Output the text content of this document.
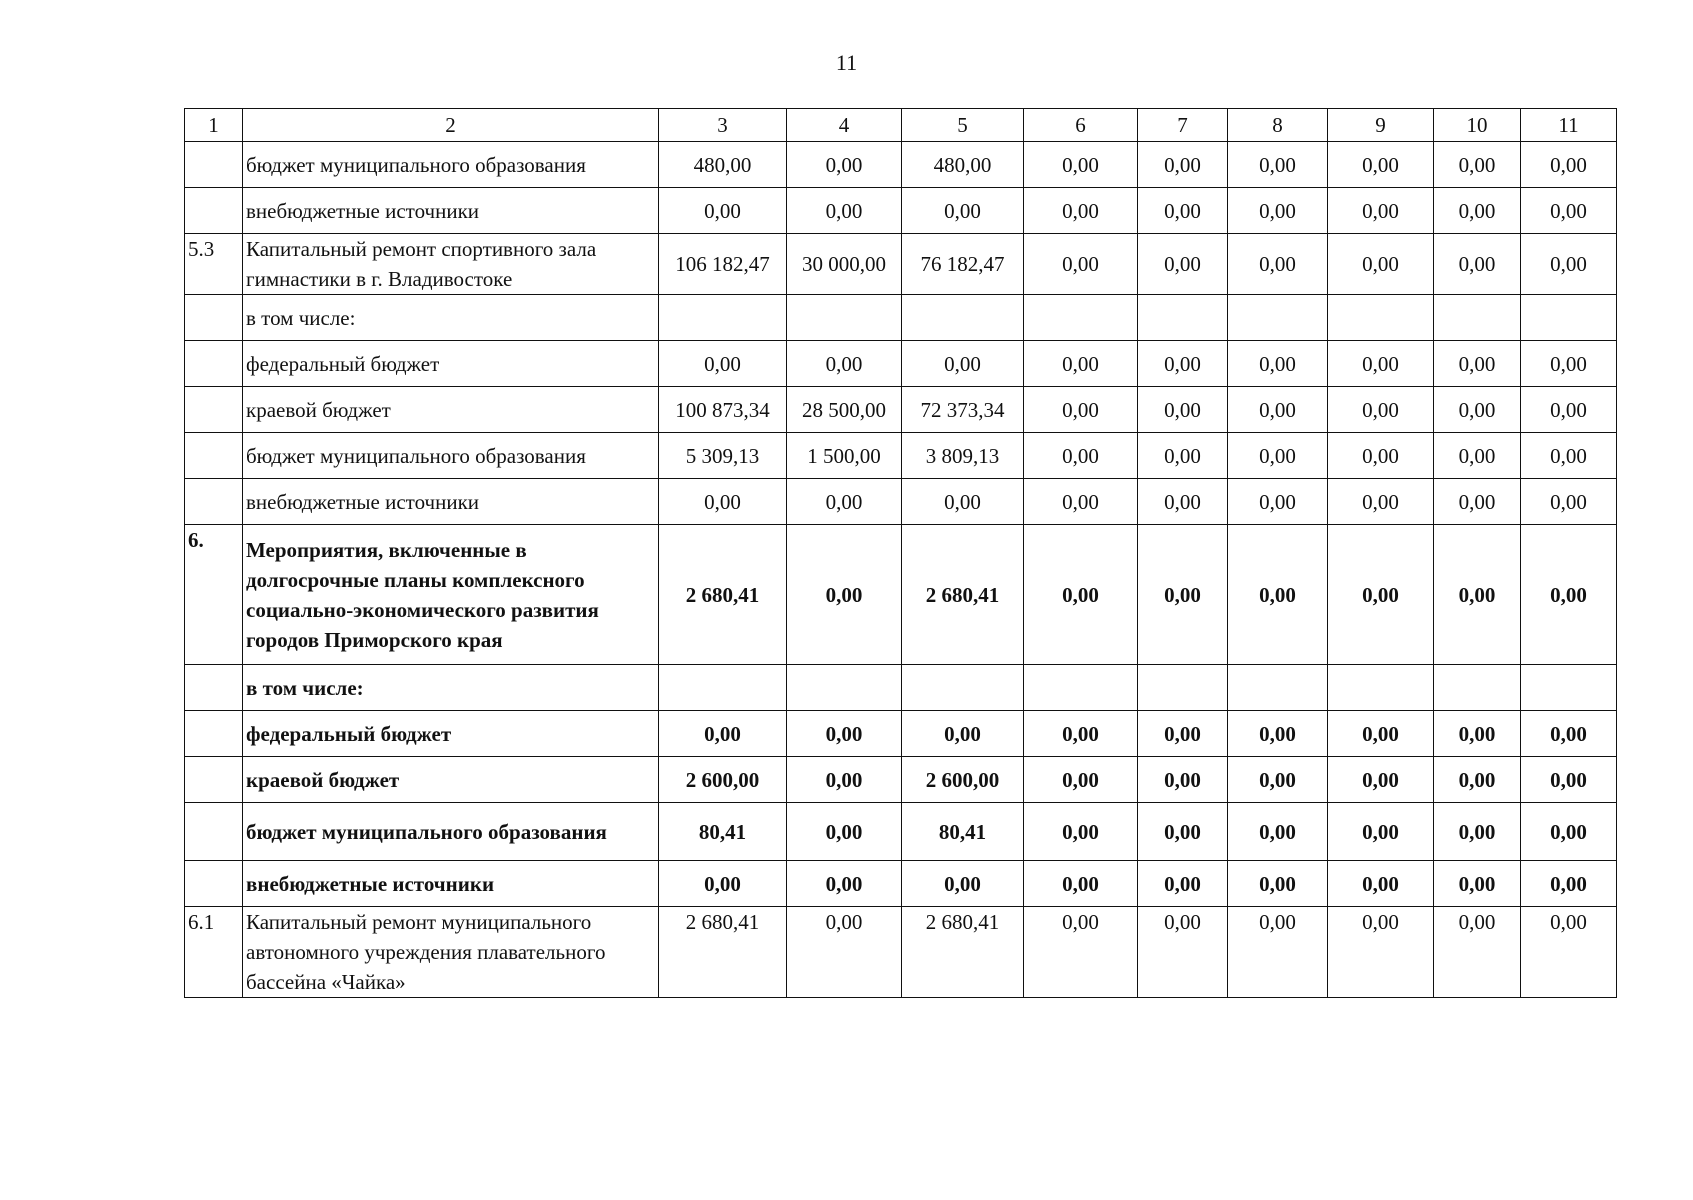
11
1	2	3	4	5	6	7	8	9	10	11
	бюджет муниципального образования	480,00	0,00	480,00	0,00	0,00	0,00	0,00	0,00	0,00
	внебюджетные источники	0,00	0,00	0,00	0,00	0,00	0,00	0,00	0,00	0,00
5.3	Капитальный ремонт спортивного зала гимнастики в г. Владивостоке	106 182,47	30 000,00	76 182,47	0,00	0,00	0,00	0,00	0,00	0,00
	в том числе:									
	федеральный бюджет	0,00	0,00	0,00	0,00	0,00	0,00	0,00	0,00	0,00
	краевой бюджет	100 873,34	28 500,00	72 373,34	0,00	0,00	0,00	0,00	0,00	0,00
	бюджет муниципального образования	5 309,13	1 500,00	3 809,13	0,00	0,00	0,00	0,00	0,00	0,00
	внебюджетные источники	0,00	0,00	0,00	0,00	0,00	0,00	0,00	0,00	0,00
6.	Мероприятия, включенные в долгосрочные планы комплексного социально-экономического развития городов Приморского края	2 680,41	0,00	2 680,41	0,00	0,00	0,00	0,00	0,00	0,00
	в том числе:									
	федеральный бюджет	0,00	0,00	0,00	0,00	0,00	0,00	0,00	0,00	0,00
	краевой бюджет	2 600,00	0,00	2 600,00	0,00	0,00	0,00	0,00	0,00	0,00
	бюджет муниципального образования	80,41	0,00	80,41	0,00	0,00	0,00	0,00	0,00	0,00
	внебюджетные источники	0,00	0,00	0,00	0,00	0,00	0,00	0,00	0,00	0,00
6.1	Капитальный ремонт муниципального автономного учреждения плавательного бассейна «Чайка»	2 680,41	0,00	2 680,41	0,00	0,00	0,00	0,00	0,00	0,00
